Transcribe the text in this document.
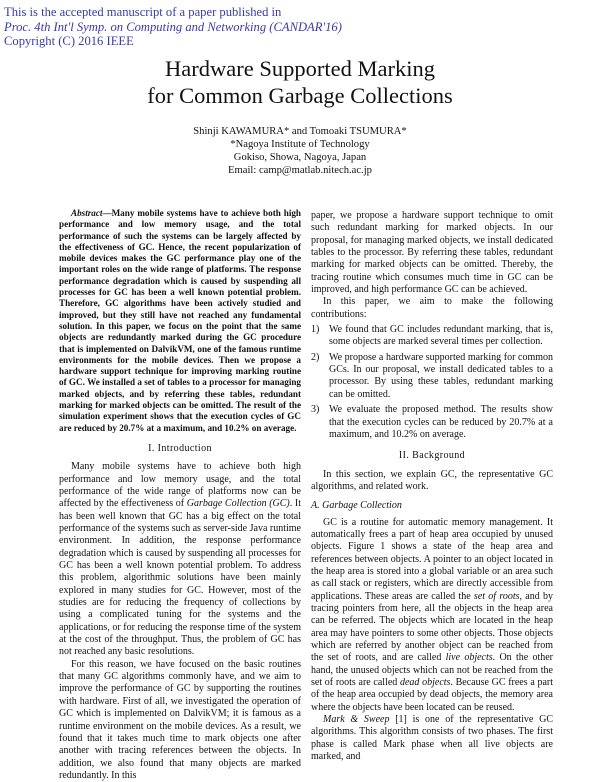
This is the accepted manuscript of a paper published in
Proc. 4th Int'l Symp. on Computing and Networking (CANDAR'16)
Copyright (C) 2016 IEEE
Hardware Supported Marking
for Common Garbage Collections
Shinji KAWAMURA* and Tomoaki TSUMURA*
*Nagoya Institute of Technology
Gokiso, Showa, Nagoya, Japan
Email: camp@matlab.nitech.ac.jp

Abstract—Many mobile systems have to achieve both high performance and low memory usage, and the total performance of such the systems can be largely affected by the effectiveness of GC. Hence, the recent popularization of mobile devices makes the GC performance play one of the important roles on the wide range of platforms. The response performance degradation which is caused by suspending all processes for GC has been a well known potential problem. Therefore, GC algorithms have been actively studied and improved, but they still have not reached any fundamental solution. In this paper, we focus on the point that the same objects are redundantly marked during the GC procedure that is implemented on DalvikVM, one of the famous runtime environments for the mobile devices. Then we propose a hardware support technique for improving marking routine of GC. We installed a set of tables to a processor for managing marked objects, and by referring these tables, redundant marking for marked objects can be omitted. The result of the simulation experiment shows that the execution cycles of GC are reduced by 20.7% at a maximum, and 10.2% on average.

I. Introduction

Many mobile systems have to achieve both high performance and low memory usage, and the total performance of the wide range of platforms now can be affected by the effectiveness of Garbage Collection (GC). It has been well known that GC has a big effect on the total performance of the systems such as server-side Java runtime environment. In addition, the response performance degradation which is caused by suspending all processes for GC has been a well known potential problem. To address this problem, algorithmic solutions have been mainly explored in many studies for GC. However, most of the studies are for reducing the frequency of collections by using a complicated tuning for the systems and the applications, or for reducing the response time of the system at the cost of the throughput. Thus, the problem of GC has not reached any basic resolutions.

For this reason, we have focused on the basic routines that many GC algorithms commonly have, and we aim to improve the performance of GC by supporting the routines with hardware. First of all, we investigated the operation of GC which is implemented on DalvikVM; it is famous as a runtime environment on the mobile devices. As a result, we found that it takes much time to mark objects one after another with tracing references between the objects. In addition, we also found that many objects are marked redundantly. In this

paper, we propose a hardware support technique to omit such redundant marking for marked objects. In our proposal, for managing marked objects, we install dedicated tables to the processor. By referring these tables, redundant marking for marked objects can be omitted. Thereby, the tracing routine which consumes much time in GC can be improved, and high performance GC can be achieved.

In this paper, we aim to make the following contributions:

1) We found that GC includes redundant marking, that is, some objects are marked several times per collection.
2) We propose a hardware supported marking for common GCs. In our proposal, we install dedicated tables to a processor. By using these tables, redundant marking can be omitted.
3) We evaluate the proposed method. The results show that the execution cycles can be reduced by 20.7% at a maximum, and 10.2% on average.
II. Background

In this section, we explain GC, the representative GC algorithms, and related work.

A. Garbage Collection

GC is a routine for automatic memory management. It automatically frees a part of heap area occupied by unused objects. Figure 1 shows a state of the heap area and references between objects. A pointer to an object located in the heap area is stored into a global variable or an area such as call stack or registers, which are directly accessible from applications. These areas are called the set of roots, and by tracing pointers from here, all the objects in the heap area can be referred. The objects which are located in the heap area may have pointers to some other objects. Those objects which are referred by another object can be reached from the set of roots, and are called live objects. On the other hand, the unused objects which can not be reached from the set of roots are called dead objects. Because GC frees a part of the heap area occupied by dead objects, the memory area where the objects have been located can be reused.

Mark & Sweep [1] is one of the representative GC algorithms. This algorithm consists of two phases. The first phase is called Mark phase when all live objects are marked, and
